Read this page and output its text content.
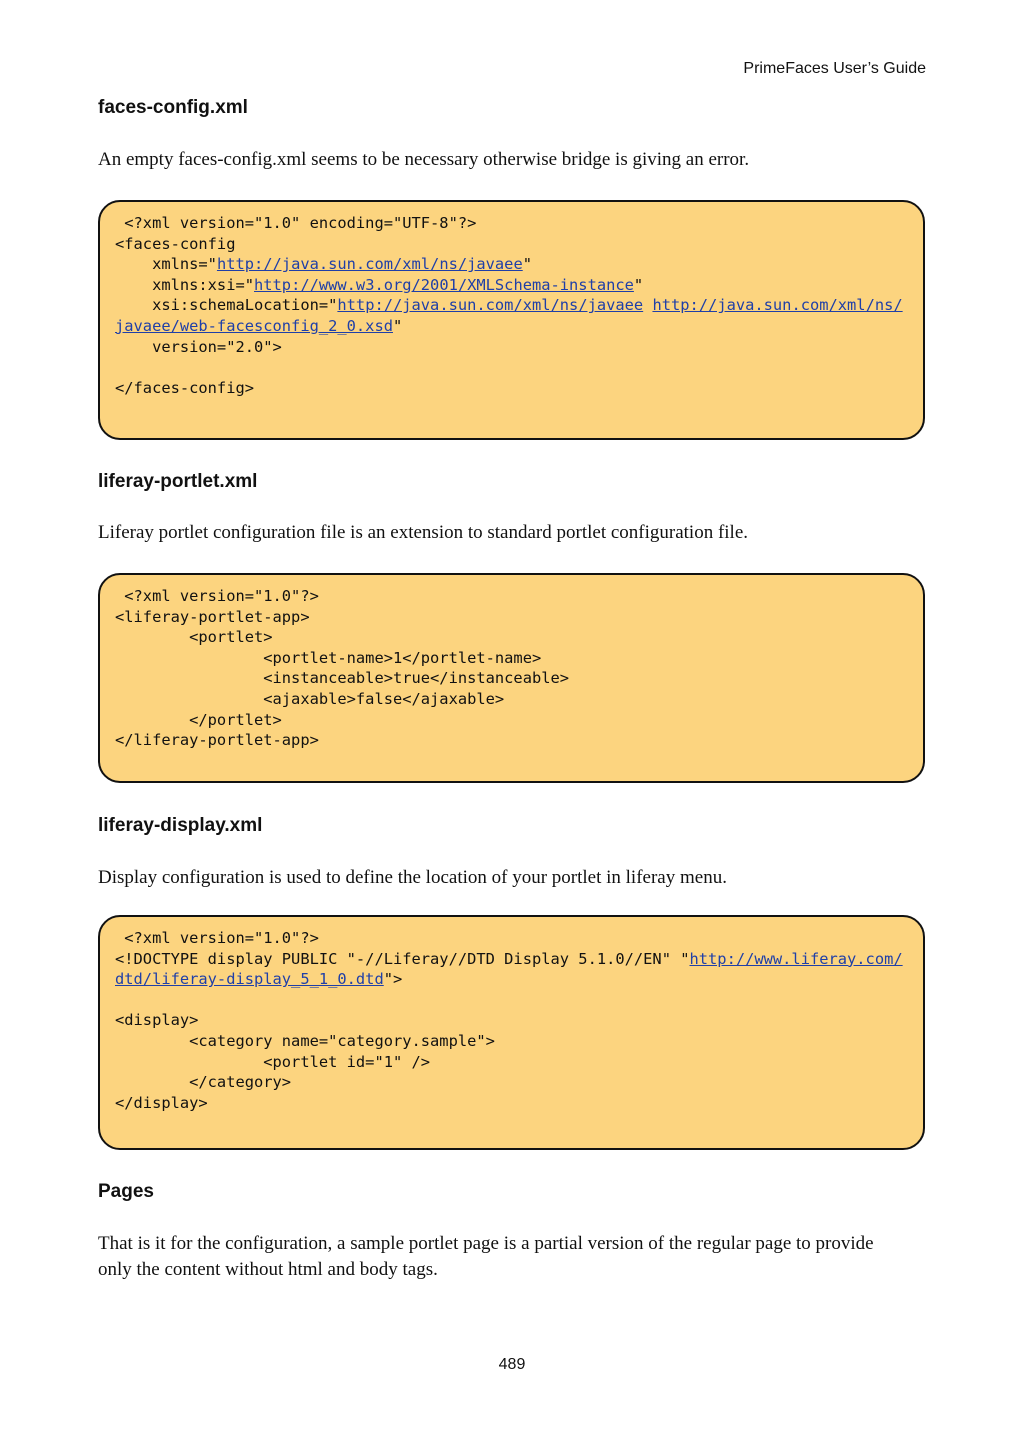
PrimeFaces User’s Guide
faces-config.xml

An empty faces-config.xml seems to be necessary otherwise bridge is giving an error.

<?xml version="1.0" encoding="UTF-8"?>
<faces-config
xmlns="http://java.sun.com/xml/ns/javaee"
xmlns:xsi="http://www.w3.org/2001/XMLSchema-instance"
xsi:schemaLocation="http://java.sun.com/xml/ns/javaee http://java.sun.com/xml/ns/
javaee/web-facesconfig_2_0.xsd"
version="2.0">
</faces-config>
liferay-portlet.xml

Liferay portlet configuration file is an extension to standard portlet configuration file.

<?xml version="1.0"?>
<liferay-portlet-app>
<portlet>
<portlet-name>1</portlet-name>
<instanceable>true</instanceable>
<ajaxable>false</ajaxable>
</portlet>
</liferay-portlet-app>
liferay-display.xml

Display configuration is used to define the location of your portlet in liferay menu.

<?xml version="1.0"?>
<!DOCTYPE display PUBLIC "-//Liferay//DTD Display 5.1.0//EN" "http://www.liferay.com/
dtd/liferay-display_5_1_0.dtd">
<display>
<category name="category.sample">
<portlet id="1" />
</category>
</display>
Pages

That is it for the configuration, a sample portlet page is a partial version of the regular page to provide only the content without html and body tags.

489
